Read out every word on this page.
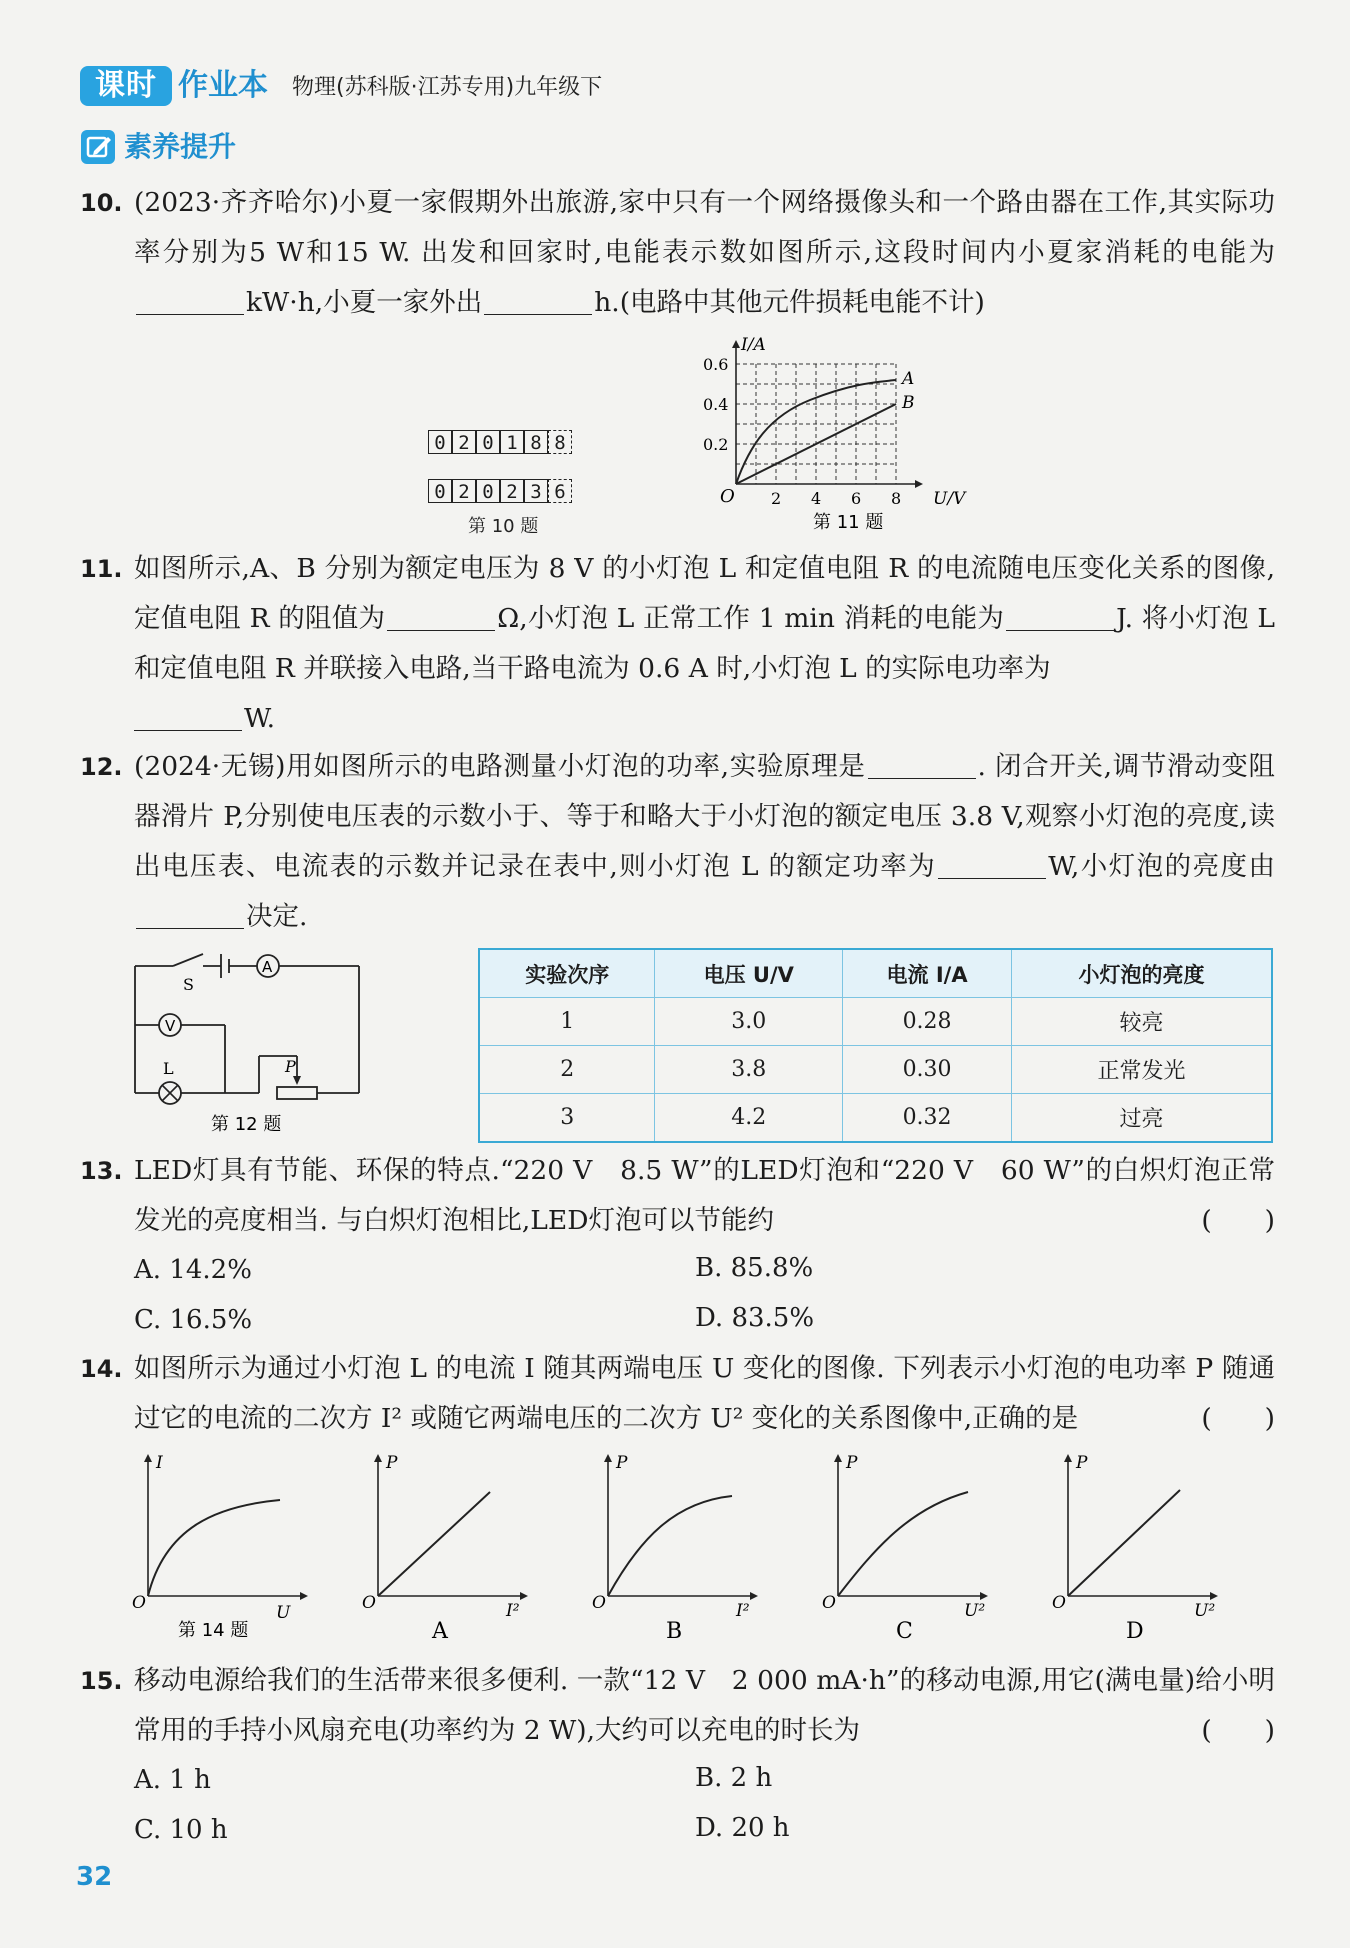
课时 作业本 物理(苏科版·江苏专用)九年级下
素养提升
10. (2023·齐齐哈尔)小夏一家假期外出旅游,家中只有一个网络摄像头和一个路由器在工作,其实际功率分别为5 W和15 W. 出发和回家时,电能表示数如图所示,这段时间内小夏家消耗的电能为kW·h,小夏一家外出	h.(电路中其他元件损耗电能不计)
0 2 0 1 8 8
0 2 0 2 3 6
第 10 题
I/A
U/V
O
0.6
0.4
0.2
2 4 6 8
A
B
第 11 题
11. 如图所示,A、B 分别为额定电压为 8 V 的小灯泡 L 和定值电阻 R 的电流随电压变化关系的图像,定值电阻 R 的阻值为	Ω,小灯泡 L 正常工作 1 min 消耗的电能为	J. 将小灯泡 L 和定值电阻 R 并联接入电路,当干路电流为 0.6 A 时,小灯泡 L 的实际电功率为
W.
12. (2024·无锡)用如图所示的电路测量小灯泡的功率,实验原理是	. 闭合开关,调节滑动变阻器滑片 P,分别使电压表的示数小于、等于和略大于小灯泡的额定电压 3.8 V,观察小灯泡的亮度,读出电压表、电流表的示数并记录在表中,则小灯泡 L 的额定功率为	W,小灯泡的亮度由决定.
A
V
S
L	P
第 12 题
实验次序	电压 U/V	电流 I/A	小灯泡的亮度
1	3.0	0.28	较亮
2	3.8	0.30	正常发光
3	4.2	0.32	过亮
13. LED灯具有节能、环保的特点.“220 V　8.5 W”的LED灯泡和“220 V　60 W”的白炽灯泡正常发光的亮度相当. 与白炽灯泡相比,LED灯泡可以节能约	(　　)
A. 14.2%	B. 85.8%
C. 16.5%	D. 83.5%
14. 如图所示为通过小灯泡 L 的电流 I 随其两端电压 U 变化的图像. 下列表示小灯泡的电功率 P 随通过它的电流的二次方 I² 或随它两端电压的二次方 U² 变化的关系图像中,正确的是	(　　)
I
U
O
第 14 题
P
I²
O
A
P
I²
O
B
P
U²
O
C
P
U²
O
D
15. 移动电源给我们的生活带来很多便利. 一款“12 V　2 000 mA·h”的移动电源,用它(满电量)给小明常用的手持小风扇充电(功率约为 2 W),大约可以充电的时长为	(　　)
A. 1 h	B. 2 h
C. 10 h	D. 20 h
32
